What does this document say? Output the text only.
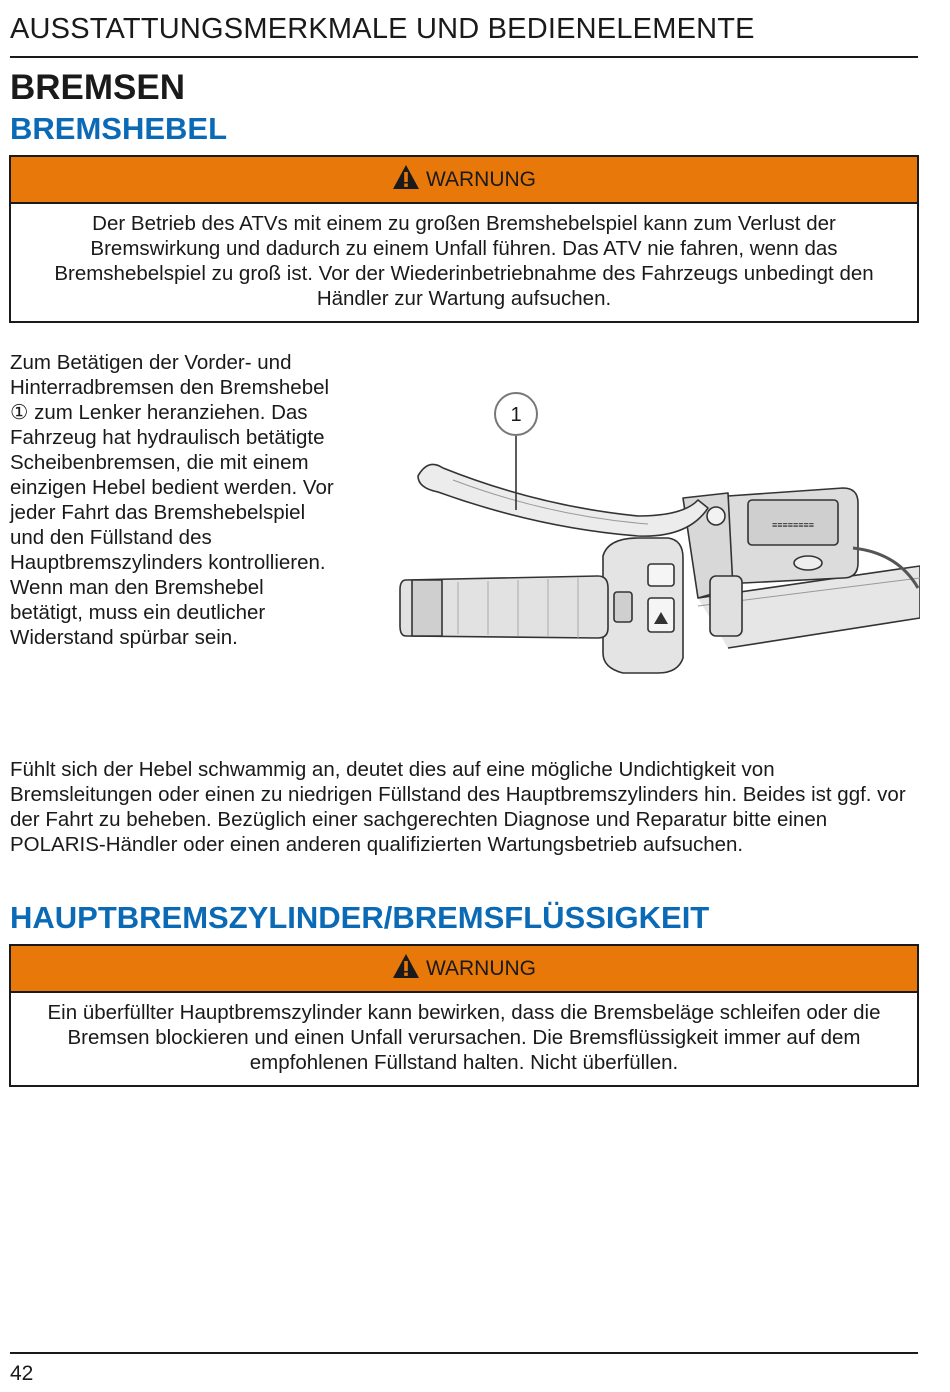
AUSSTATTUNGSMERKMALE UND BEDIENELEMENTE
BREMSEN
BREMSHEBEL
WARNUNG
Der Betrieb des ATVs mit einem zu großen Bremshebelspiel kann zum Verlust der Bremswirkung und dadurch zu einem Unfall führen. Das ATV nie fahren, wenn das Bremshebelspiel zu groß ist. Vor der Wiederinbetriebnahme des Fahrzeugs unbedingt den Händler zur Wartung aufsuchen.
Zum Betätigen der Vorder- und Hinterradbremsen den Bremshebel ① zum Lenker heranziehen. Das Fahrzeug hat hydraulisch betätigte Scheibenbremsen, die mit einem einzigen Hebel bedient werden. Vor jeder Fahrt das Bremshebelspiel und den Füllstand des Hauptbremszylinders kontrollieren. Wenn man den Bremshebel betätigt, muss ein deutlicher Widerstand spürbar sein.
≡≡≡≡≡≡≡≡
1
Fühlt sich der Hebel schwammig an, deutet dies auf eine mögliche Undichtigkeit von Bremsleitungen oder einen zu niedrigen Füllstand des Hauptbremszylinders hin. Beides ist ggf. vor der Fahrt zu beheben. Bezüglich einer sachgerechten Diagnose und Reparatur bitte einen POLARIS-Händler oder einen anderen qualifizierten Wartungsbetrieb aufsuchen.
HAUPTBREMSZYLINDER/BREMSFLÜSSIGKEIT
WARNUNG
Ein überfüllter Hauptbremszylinder kann bewirken, dass die Bremsbeläge schleifen oder die Bremsen blockieren und einen Unfall verursachen. Die Bremsflüssigkeit immer auf dem empfohlenen Füllstand halten. Nicht überfüllen.
42
